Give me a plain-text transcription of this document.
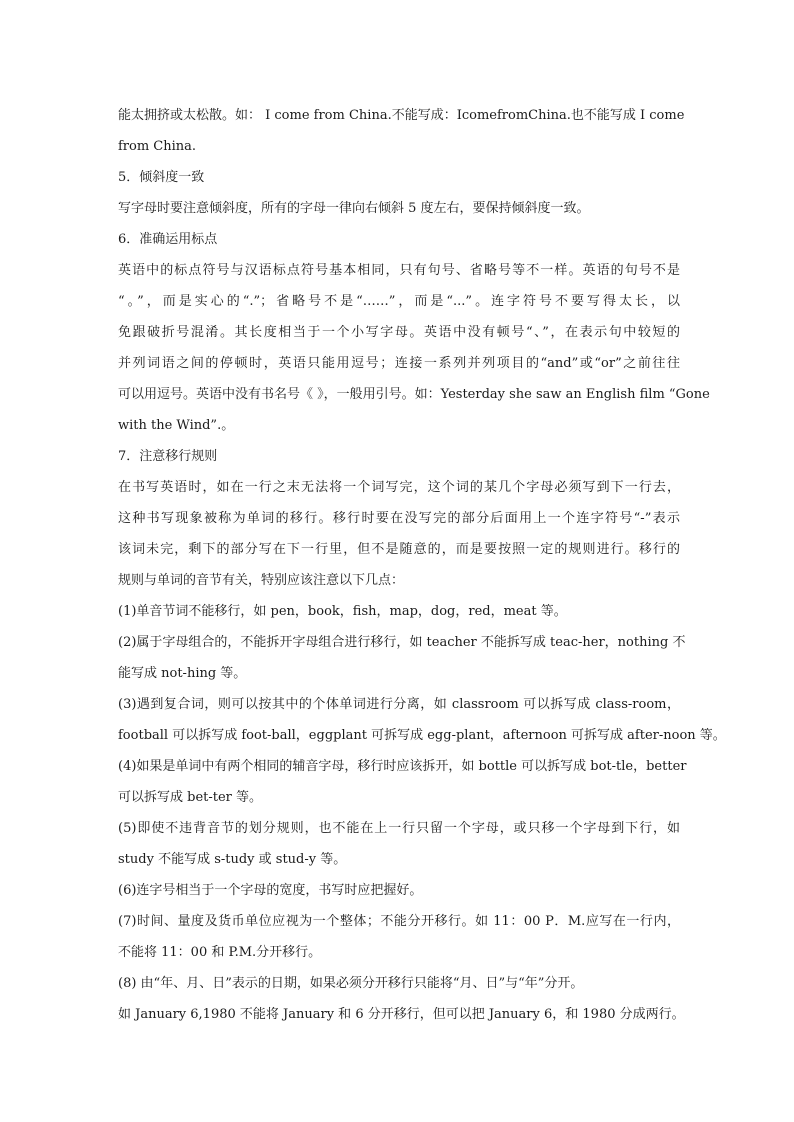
能太拥挤或太松散。如： I come from China.不能写成：IcomefromChina.也不能写成 I come
from China.
5．倾斜度一致
写字母时要注意倾斜度，所有的字母一律向右倾斜 5 度左右，要保持倾斜度一致。
6．准确运用标点
英语中的标点符号与汉语标点符号基本相同，只有句号、省略号等不一样。英语的句号不是
“。”，而是实心的“.”；省略号不是“……”，而是“...”。连字符号不要写得太长，以
免跟破折号混淆。其长度相当于一个小写字母。英语中没有顿号“、”，在表示句中较短的
并列词语之间的停顿时，英语只能用逗号；连接一系列并列项目的“and”或“or”之前往往
可以用逗号。英语中没有书名号《 》，一般用引号。如：Yesterday she saw an English film “Gone
with the Wind”.。
7．注意移行规则
在书写英语时，如在一行之末无法将一个词写完，这个词的某几个字母必须写到下一行去，
这种书写现象被称为单词的移行。移行时要在没写完的部分后面用上一个连字符号“-”表示
该词未完，剩下的部分写在下一行里，但不是随意的，而是要按照一定的规则进行。移行的
规则与单词的音节有关，特别应该注意以下几点：
(1)单音节词不能移行，如 pen，book，fish，map，dog，red，meat 等。
(2)属于字母组合的，不能拆开字母组合进行移行，如 teacher 不能拆写成 teac-her，nothing 不
能写成 not-hing 等。
(3)遇到复合词，则可以按其中的个体单词进行分离，如 classroom 可以拆写成 class-room，
football 可以拆写成 foot-ball，eggplant 可拆写成 egg-plant，afternoon 可拆写成 after-noon 等。
(4)如果是单词中有两个相同的辅音字母，移行时应该拆开，如 bottle 可以拆写成 bot-tle，better
可以拆写成 bet-ter 等。
(5)即使不违背音节的划分规则，也不能在上一行只留一个字母，或只移一个字母到下行，如
study 不能写成 s-tudy 或 stud-y 等。
(6)连字号相当于一个字母的宽度，书写时应把握好。
(7)时间、量度及货币单位应视为一个整体；不能分开移行。如 11：00 P．M.应写在一行内，
不能将 11：00 和 P.M.分开移行。
(8) 由“年、月、日”表示的日期，如果必须分开移行只能将“月、日”与“年”分开。
如 January 6,1980 不能将 January 和 6 分开移行，但可以把 January 6，和 1980 分成两行。
